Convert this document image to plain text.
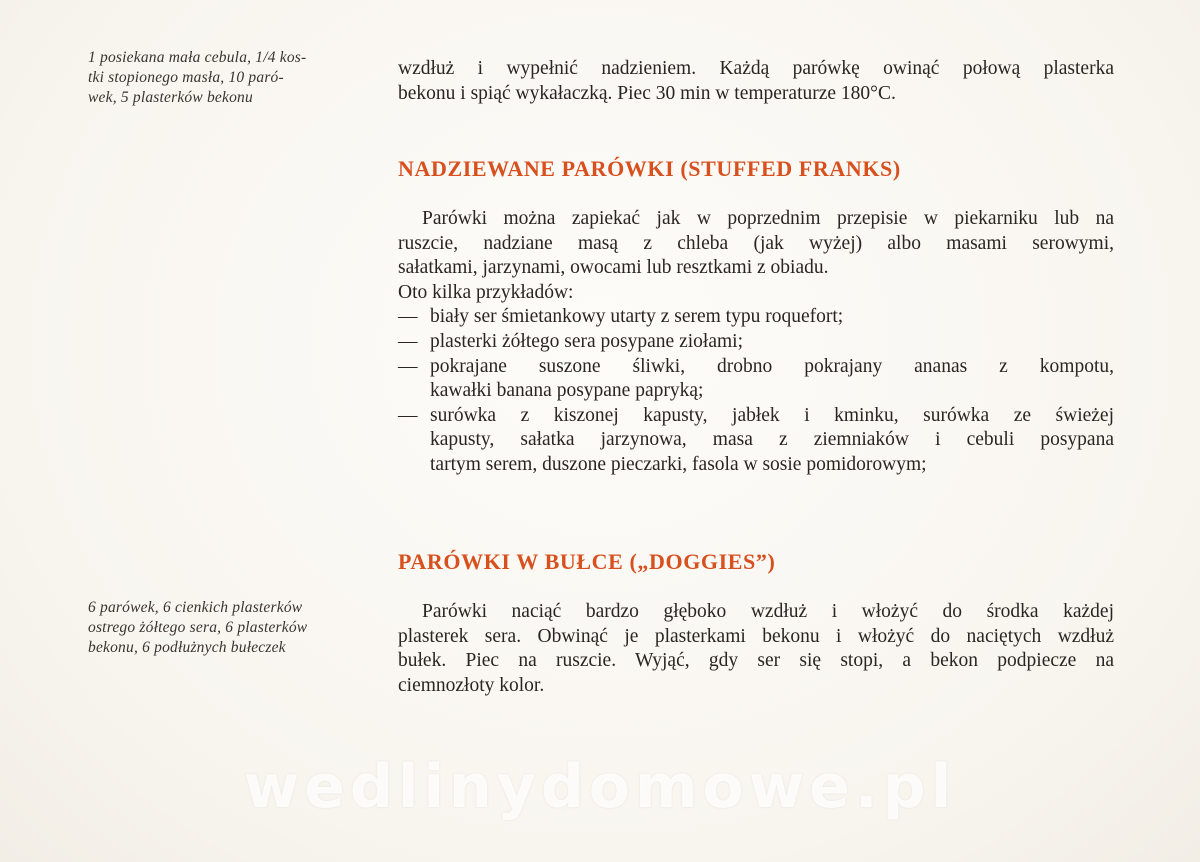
1 posiekana mała cebula, 1/4 kos-
tki stopionego masła, 10 paró-
wek, 5 plasterków bekonu
wzdłuż i wypełnić nadzieniem. Każdą parówkę owinąć połową plasterka
bekonu i spiąć wykałaczką. Piec 30 min w temperaturze 180°C.
NADZIEWANE PARÓWKI (STUFFED FRANKS)
Parówki można zapiekać jak w poprzednim przepisie w piekarniku lub na
ruszcie, nadziane masą z chleba (jak wyżej) albo masami serowymi,
sałatkami, jarzynami, owocami lub resztkami z obiadu.
Oto kilka przykładów:
— biały ser śmietankowy utarty z serem typu roquefort;
— plasterki żółtego sera posypane ziołami;
— pokrajane suszone śliwki, drobno pokrajany ananas z kompotu,
kawałki banana posypane papryką;
— surówka z kiszonej kapusty, jabłek i kminku, surówka ze świeżej
kapusty, sałatka jarzynowa, masa z ziemniaków i cebuli posypana
tartym serem, duszone pieczarki, fasola w sosie pomidorowym;
PARÓWKI W BUŁCE („DOGGIES”)
6 parówek, 6 cienkich plasterków
ostrego żółtego sera, 6 plasterków
bekonu, 6 podłużnych bułeczek
Parówki naciąć bardzo głęboko wzdłuż i włożyć do środka każdej
plasterek sera. Obwinąć je plasterkami bekonu i włożyć do naciętych wzdłuż
bułek. Piec na ruszcie. Wyjąć, gdy ser się stopi, a bekon podpiecze na
ciemnozłoty kolor.
wedlinydomowe.pl
